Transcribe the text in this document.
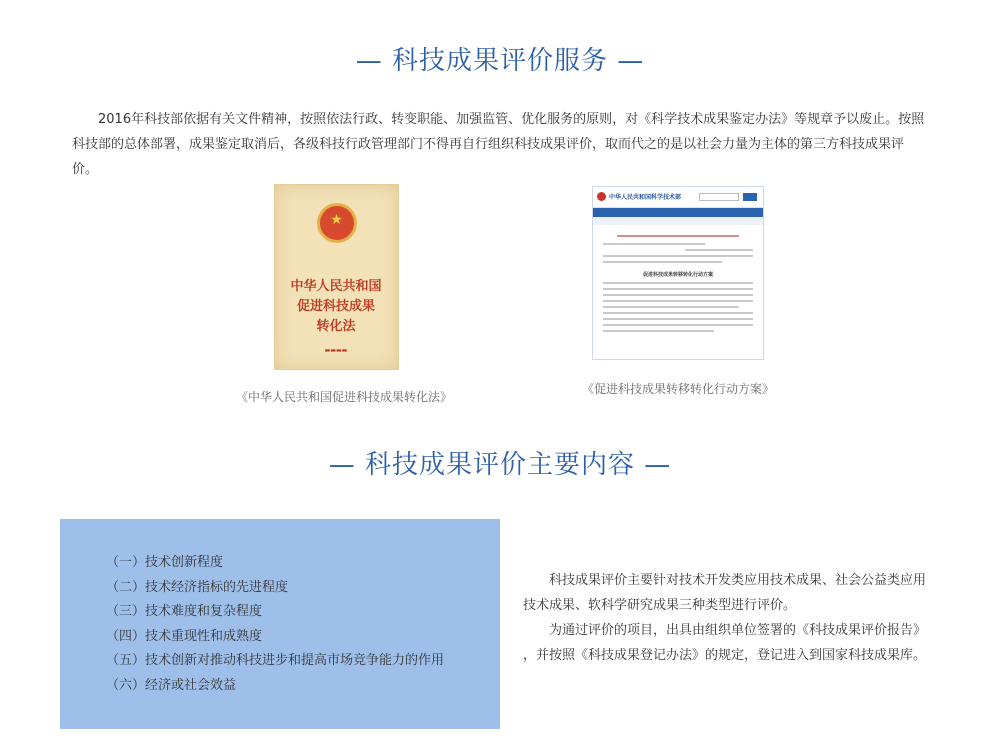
— 科技成果评价服务 —
2016年科技部依据有关文件精神，按照依法行政、转变职能、加强监管、优化服务的原则，对《科学技术成果鉴定办法》等规章予以废止。按照科技部的总体部署，成果鉴定取消后，各级科技行政管理部门不得再自行组织科技成果评价，取而代之的是以社会力量为主体的第三方科技成果评价。
★
中华人民共和国
促进科技成果
转化法
▬▬▬▬
《中华人民共和国促进科技成果转化法》
中华人民共和国科学技术部
促进科技成果转移转化行动方案
《促进科技成果转移转化行动方案》
— 科技成果评价主要内容 —
（一）技术创新程度
（二）技术经济指标的先进程度
（三）技术难度和复杂程度
（四）技术重现性和成熟度
（五）技术创新对推动科技进步和提高市场竞争能力的作用
（六）经济或社会效益

科技成果评价主要针对技术开发类应用技术成果、社会公益类应用技术成果、软科学研究成果三种类型进行评价。

为通过评价的项目，出具由组织单位签署的《科技成果评价报告》

，并按照《科技成果登记办法》的规定，登记进入到国家科技成果库。
